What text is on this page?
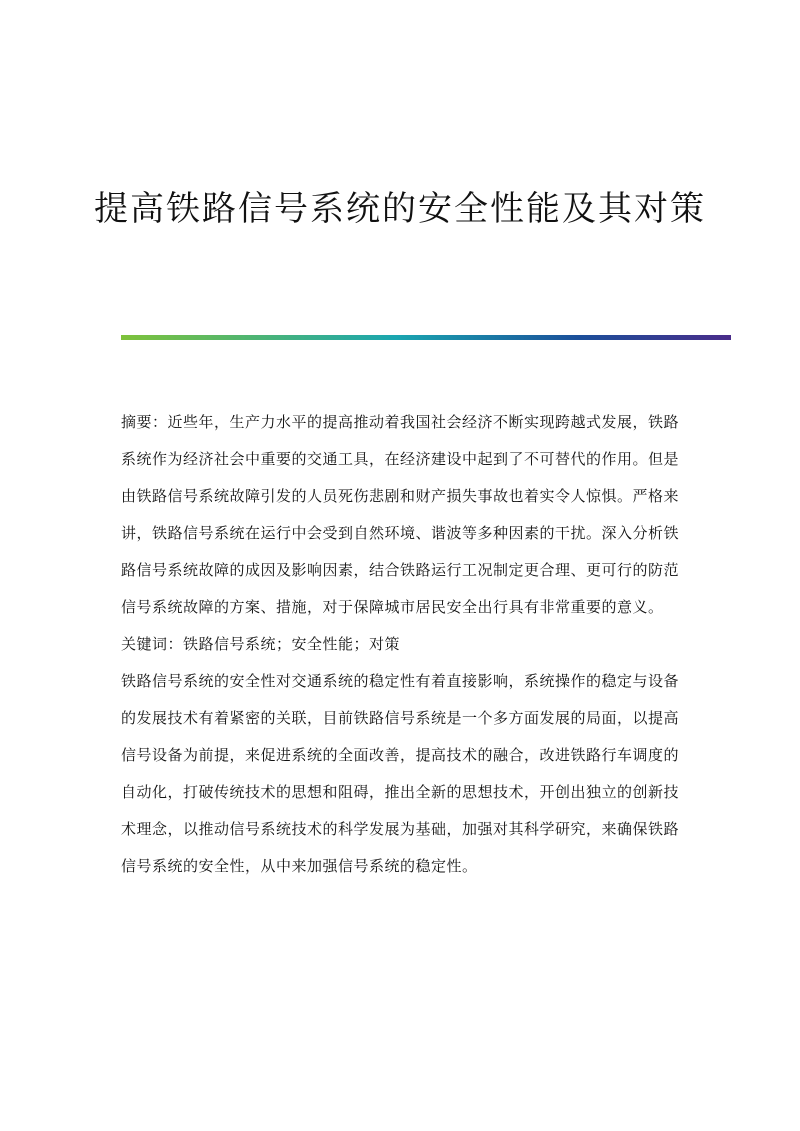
提高铁路信号系统的安全性能及其对策

摘要：近些年，生产力水平的提高推动着我国社会经济不断实现跨越式发展，铁路系统作为经济社会中重要的交通工具，在经济建设中起到了不可替代的作用。但是由铁路信号系统故障引发的人员死伤悲剧和财产损失事故也着实令人惊惧。严格来讲，铁路信号系统在运行中会受到自然环境、谐波等多种因素的干扰。深入分析铁路信号系统故障的成因及影响因素，结合铁路运行工况制定更合理、更可行的防范信号系统故障的方案、措施，对于保障城市居民安全出行具有非常重要的意义。

关键词：铁路信号系统；安全性能；对策

铁路信号系统的安全性对交通系统的稳定性有着直接影响，系统操作的稳定与设备的发展技术有着紧密的关联，目前铁路信号系统是一个多方面发展的局面，以提高信号设备为前提，来促进系统的全面改善，提高技术的融合，改进铁路行车调度的自动化，打破传统技术的思想和阻碍，推出全新的思想技术，开创出独立的创新技术理念，以推动信号系统技术的科学发展为基础，加强对其科学研究，来确保铁路信号系统的安全性，从中来加强信号系统的稳定性。
